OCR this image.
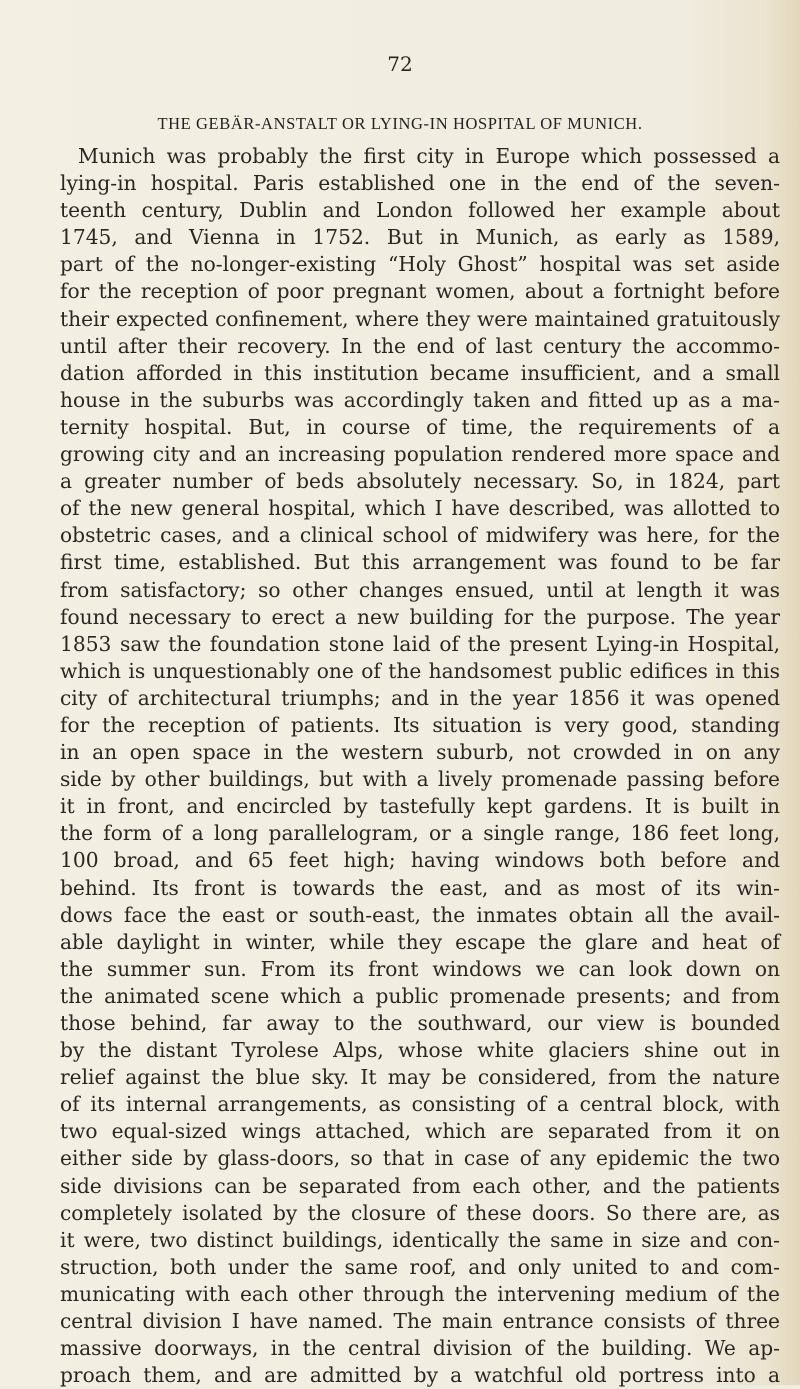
72

THE GEBÄR-ANSTALT OR LYING-IN HOSPITAL OF MUNICH.

Munich was probably the first city in Europe which possessed a
lying-in hospital. Paris established one in the end of the seven-
teenth century, Dublin and London followed her example about
1745, and Vienna in 1752. But in Munich, as early as 1589,
part of the no-longer-existing “Holy Ghost” hospital was set aside
for the reception of poor pregnant women, about a fortnight before
their expected confinement, where they were maintained gratuitously
until after their recovery. In the end of last century the accommo-
dation afforded in this institution became insufficient, and a small
house in the suburbs was accordingly taken and fitted up as a ma-
ternity hospital. But, in course of time, the requirements of a
growing city and an increasing population rendered more space and
a greater number of beds absolutely necessary. So, in 1824, part
of the new general hospital, which I have described, was allotted to
obstetric cases, and a clinical school of midwifery was here, for the
first time, established. But this arrangement was found to be far
from satisfactory; so other changes ensued, until at length it was
found necessary to erect a new building for the purpose. The year
1853 saw the foundation stone laid of the present Lying-in Hospital,
which is unquestionably one of the handsomest public edifices in this
city of architectural triumphs; and in the year 1856 it was opened
for the reception of patients. Its situation is very good, standing
in an open space in the western suburb, not crowded in on any
side by other buildings, but with a lively promenade passing before
it in front, and encircled by tastefully kept gardens. It is built in
the form of a long parallelogram, or a single range, 186 feet long,
100 broad, and 65 feet high; having windows both before and
behind. Its front is towards the east, and as most of its win-
dows face the east or south-east, the inmates obtain all the avail-
able daylight in winter, while they escape the glare and heat of
the summer sun. From its front windows we can look down on
the animated scene which a public promenade presents; and from
those behind, far away to the southward, our view is bounded
by the distant Tyrolese Alps, whose white glaciers shine out in
relief against the blue sky. It may be considered, from the nature
of its internal arrangements, as consisting of a central block, with
two equal-sized wings attached, which are separated from it on
either side by glass-doors, so that in case of any epidemic the two
side divisions can be separated from each other, and the patients
completely isolated by the closure of these doors. So there are, as
it were, two distinct buildings, identically the same in size and con-
struction, both under the same roof, and only united to and com-
municating with each other through the intervening medium of the
central division I have named. The main entrance consists of three
massive doorways, in the central division of the building. We ap-
proach them, and are admitted by a watchful old portress into a
